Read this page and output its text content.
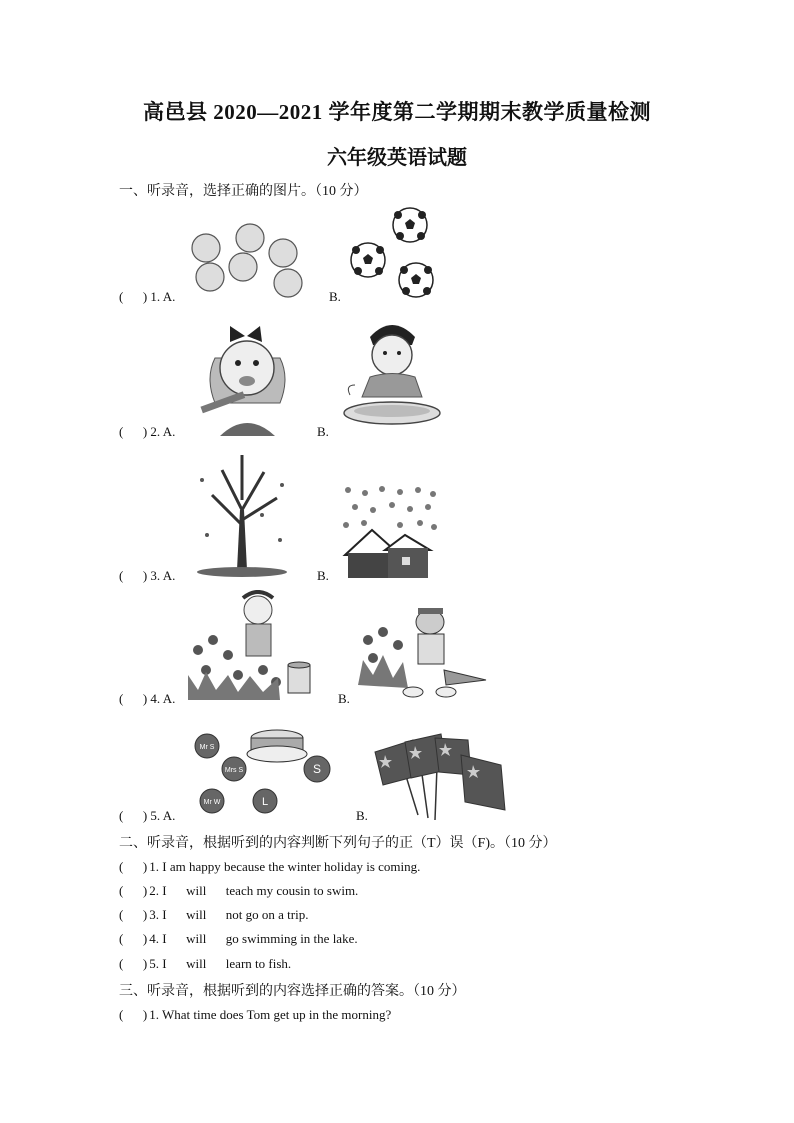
高邑县 2020—2021 学年度第二学期期末教学质量检测
六年级英语试题
一、听录音，选择正确的图片。（10 分）
(      ) 1. A.	B.
(      ) 2. A.	B.
(      ) 3. A.	B.
(      ) 4. A.	B.
Mr S
Mrs S	S
Mr W	L
(      ) 5. A.	B.
二、听录音，根据听到的内容判断下列句子的正（T）误（F)。（10 分）
(      ) 1. I am happy because the winter holiday is coming.
(      ) 2. I      will      teach my cousin to swim.
(      ) 3. I      will      not go on a trip.
(      ) 4. I      will      go swimming in the lake.
(      ) 5. I      will      learn to fish.
三、听录音，根据听到的内容选择正确的答案。（10 分）
(      ) 1. What time does Tom get up in the morning?
